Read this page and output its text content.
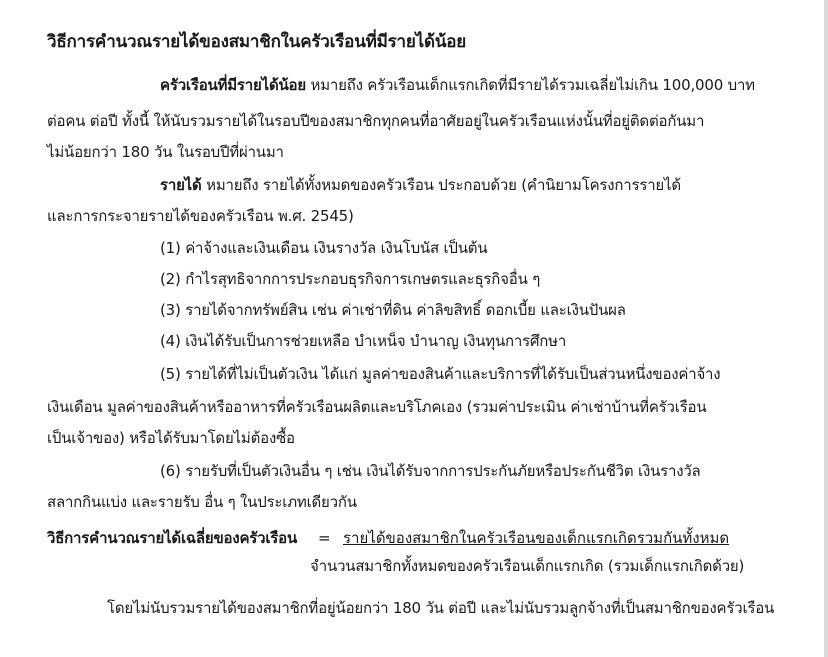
วิธีการคำนวณรายได้ของสมาชิกในครัวเรือนที่มีรายได้น้อย
ครัวเรือนที่มีรายได้น้อย หมายถึง ครัวเรือนเด็กแรกเกิดที่มีรายได้รวมเฉลี่ยไม่เกิน 100,000 บาท
ต่อคน ต่อปี ทั้งนี้ ให้นับรวมรายได้ในรอบปีของสมาชิกทุกคนที่อาศัยอยู่ในครัวเรือนแห่งนั้นที่อยู่ติดต่อกันมา
ไม่น้อยกว่า 180 วัน ในรอบปีที่ผ่านมา
รายได้ หมายถึง รายได้ทั้งหมดของครัวเรือน ประกอบด้วย (คำนิยามโครงการรายได้
และการกระจายรายได้ของครัวเรือน พ.ศ. 2545)
(1) ค่าจ้างและเงินเดือน เงินรางวัล เงินโบนัส เป็นต้น
(2) กำไรสุทธิจากการประกอบธุรกิจการเกษตรและธุรกิจอื่น ๆ
(3) รายได้จากทรัพย์สิน เช่น ค่าเช่าที่ดิน ค่าลิขสิทธิ์ ดอกเบี้ย และเงินปันผล
(4) เงินได้รับเป็นการช่วยเหลือ บำเหน็จ บำนาญ เงินทุนการศึกษา
(5) รายได้ที่ไม่เป็นตัวเงิน ได้แก่ มูลค่าของสินค้าและบริการที่ได้รับเป็นส่วนหนึ่งของค่าจ้าง
เงินเดือน มูลค่าของสินค้าหรืออาหารที่ครัวเรือนผลิตและบริโภคเอง (รวมค่าประเมิน ค่าเช่าบ้านที่ครัวเรือน
เป็นเจ้าของ) หรือได้รับมาโดยไม่ต้องซื้อ
(6) รายรับที่เป็นตัวเงินอื่น ๆ เช่น เงินได้รับจากการประกันภัยหรือประกันชีวิต เงินรางวัล
สลากกินแบ่ง และรายรับ อื่น ๆ ในประเภทเดียวกัน
วิธีการคำนวณรายได้เฉลี่ยของครัวเรือน = รายได้ของสมาชิกในครัวเรือนของเด็กแรกเกิดรวมกันทั้งหมด
จำนวนสมาชิกทั้งหมดของครัวเรือนเด็กแรกเกิด (รวมเด็กแรกเกิดด้วย)
โดยไม่นับรวมรายได้ของสมาชิกที่อยู่น้อยกว่า 180 วัน ต่อปี และไม่นับรวมลูกจ้างที่เป็นสมาชิกของครัวเรือน
